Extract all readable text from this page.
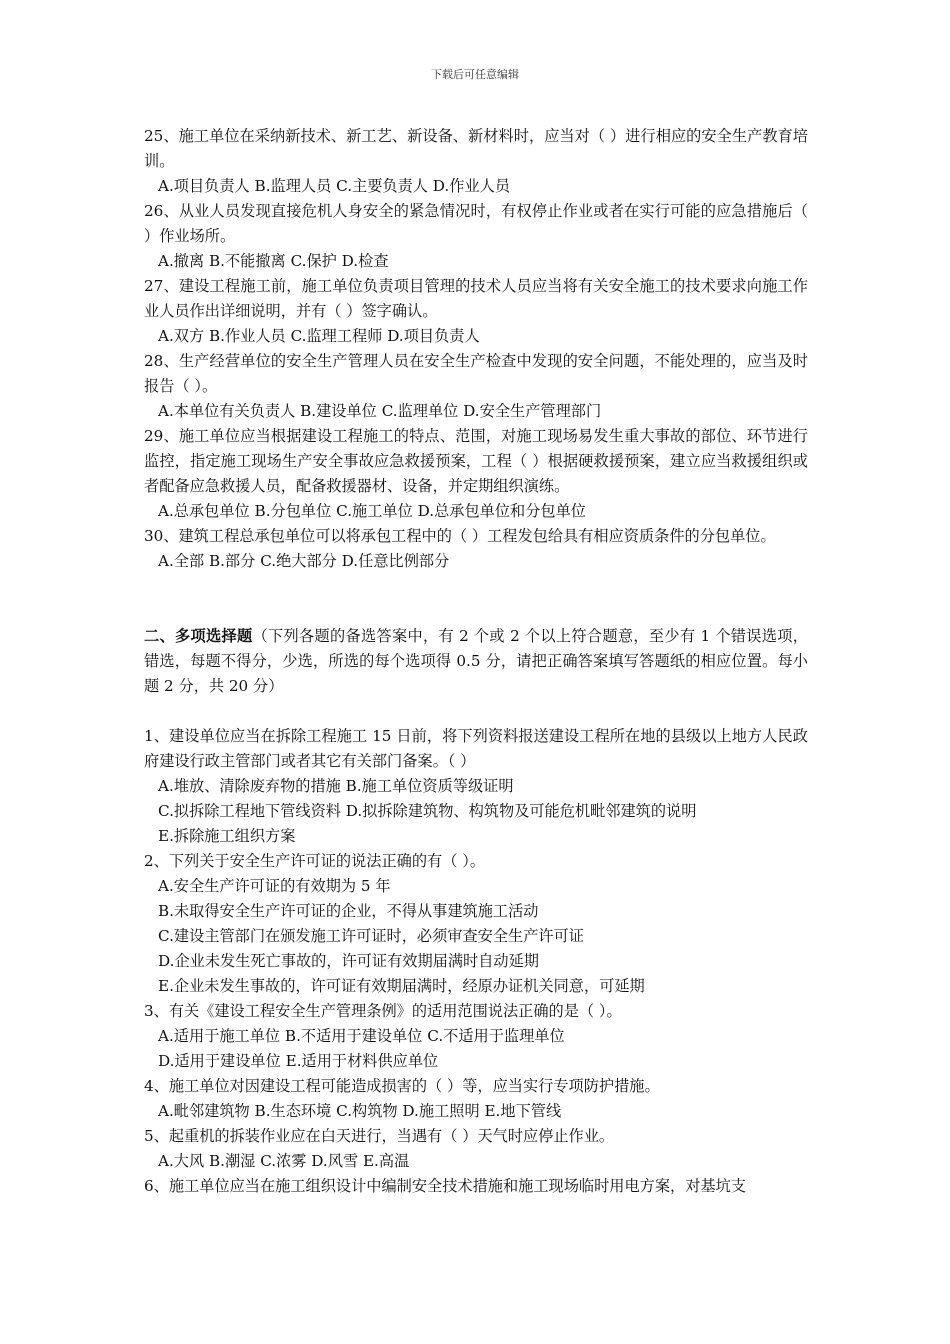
下载后可任意编辑

25、施工单位在采纳新技术、新工艺、新设备、新材料时，应当对（ ）进行相应的安全生产教育培训。

A.项目负责人 B.监理人员 C.主要负责人 D.作业人员

26、从业人员发现直接危机人身安全的紧急情况时，有权停止作业或者在实行可能的应急措施后（ ）作业场所。

A.撤离 B.不能撤离 C.保护 D.检查

27、建设工程施工前，施工单位负责项目管理的技术人员应当将有关安全施工的技术要求向施工作业人员作出详细说明，并有（ ）签字确认。

A.双方 B.作业人员 C.监理工程师 D.项目负责人

28、生产经营单位的安全生产管理人员在安全生产检查中发现的安全问题，不能处理的，应当及时报告（ ）。

A.本单位有关负责人 B.建设单位 C.监理单位 D.安全生产管理部门

29、施工单位应当根据建设工程施工的特点、范围，对施工现场易发生重大事故的部位、环节进行监控，指定施工现场生产安全事故应急救援预案，工程（ ）根据硬救援预案，建立应当救援组织或者配备应急救援人员，配备救援器材、设备，并定期组织演练。

A.总承包单位 B.分包单位 C.施工单位 D.总承包单位和分包单位

30、建筑工程总承包单位可以将承包工程中的（ ）工程发包给具有相应资质条件的分包单位。

A.全部 B.部分 C.绝大部分 D.任意比例部分

二、多项选择题（下列各题的备选答案中，有 2 个或 2 个以上符合题意，至少有 1 个错误选项，错选，每题不得分，少选，所选的每个选项得 0.5 分，请把正确答案填写答题纸的相应位置。每小题 2 分，共 20 分）

1、建设单位应当在拆除工程施工 15 日前，将下列资料报送建设工程所在地的县级以上地方人民政府建设行政主管部门或者其它有关部门备案。（ ）

A.堆放、清除废弃物的措施 B.施工单位资质等级证明

C.拟拆除工程地下管线资料 D.拟拆除建筑物、构筑物及可能危机毗邻建筑的说明

E.拆除施工组织方案

2、下列关于安全生产许可证的说法正确的有（ ）。

A.安全生产许可证的有效期为 5 年

B.未取得安全生产许可证的企业，不得从事建筑施工活动

C.建设主管部门在颁发施工许可证时，必须审查安全生产许可证

D.企业未发生死亡事故的，许可证有效期届满时自动延期

E.企业未发生事故的，许可证有效期届满时，经原办证机关同意，可延期

3、有关《建设工程安全生产管理条例》的适用范围说法正确的是（ ）。

A.适用于施工单位 B.不适用于建设单位 C.不适用于监理单位

D.适用于建设单位 E.适用于材料供应单位

4、施工单位对因建设工程可能造成损害的（ ）等，应当实行专项防护措施。

A.毗邻建筑物 B.生态环境 C.构筑物 D.施工照明 E.地下管线

5、起重机的拆装作业应在白天进行，当遇有（ ）天气时应停止作业。

A.大风 B.潮湿 C.浓雾 D.风雪 E.高温

6、施工单位应当在施工组织设计中编制安全技术措施和施工现场临时用电方案，对基坑支
